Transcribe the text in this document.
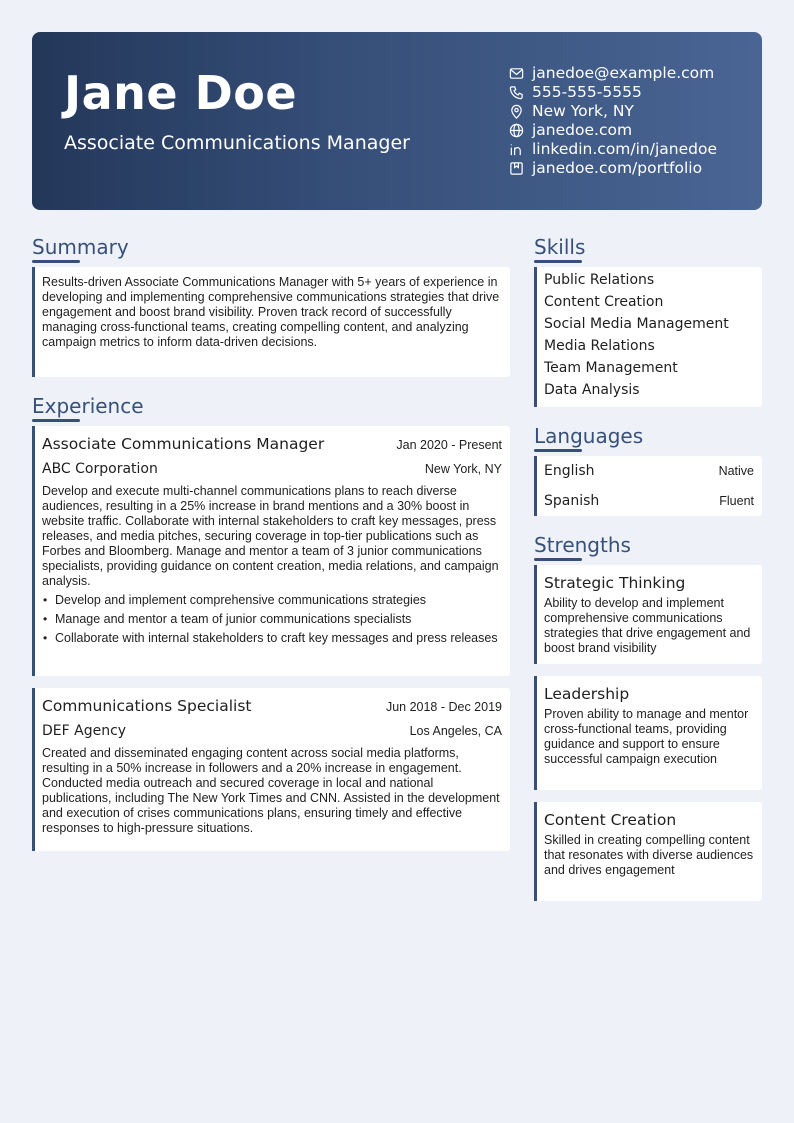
Jane Doe
Associate Communications Manager
janedoe@example.com
555-555-5555
New York, NY
janedoe.com
linkedin.com/in/janedoe
janedoe.com/portfolio
Summary
Results-driven Associate Communications Manager with 5+ years of experience in developing and implementing comprehensive communications strategies that drive engagement and boost brand visibility. Proven track record of successfully managing cross-functional teams, creating compelling content, and analyzing campaign metrics to inform data-driven decisions.
Experience
Associate Communications Manager	Jan 2020 - Present
ABC Corporation	New York, NY
Develop and execute multi-channel communications plans to reach diverse audiences, resulting in a 25% increase in brand mentions and a 30% boost in website traffic. Collaborate with internal stakeholders to craft key messages, press releases, and media pitches, securing coverage in top-tier publications such as Forbes and Bloomberg. Manage and mentor a team of 3 junior communications specialists, providing guidance on content creation, media relations, and campaign analysis.
• Develop and implement comprehensive communications strategies
• Manage and mentor a team of junior communications specialists
• Collaborate with internal stakeholders to craft key messages and press releases
Communications Specialist	Jun 2018 - Dec 2019
DEF Agency	Los Angeles, CA
Created and disseminated engaging content across social media platforms, resulting in a 50% increase in followers and a 20% increase in engagement. Conducted media outreach and secured coverage in local and national publications, including The New York Times and CNN. Assisted in the development and execution of crises communications plans, ensuring timely and effective responses to high-pressure situations.
Skills
Public Relations
Content Creation
Social Media Management
Media Relations
Team Management
Data Analysis
Languages
English	Native
Spanish	Fluent
Strengths
Strategic Thinking
Ability to develop and implement comprehensive communications strategies that drive engagement and boost brand visibility
Leadership
Proven ability to manage and mentor cross-functional teams, providing guidance and support to ensure successful campaign execution
Content Creation
Skilled in creating compelling content that resonates with diverse audiences and drives engagement
